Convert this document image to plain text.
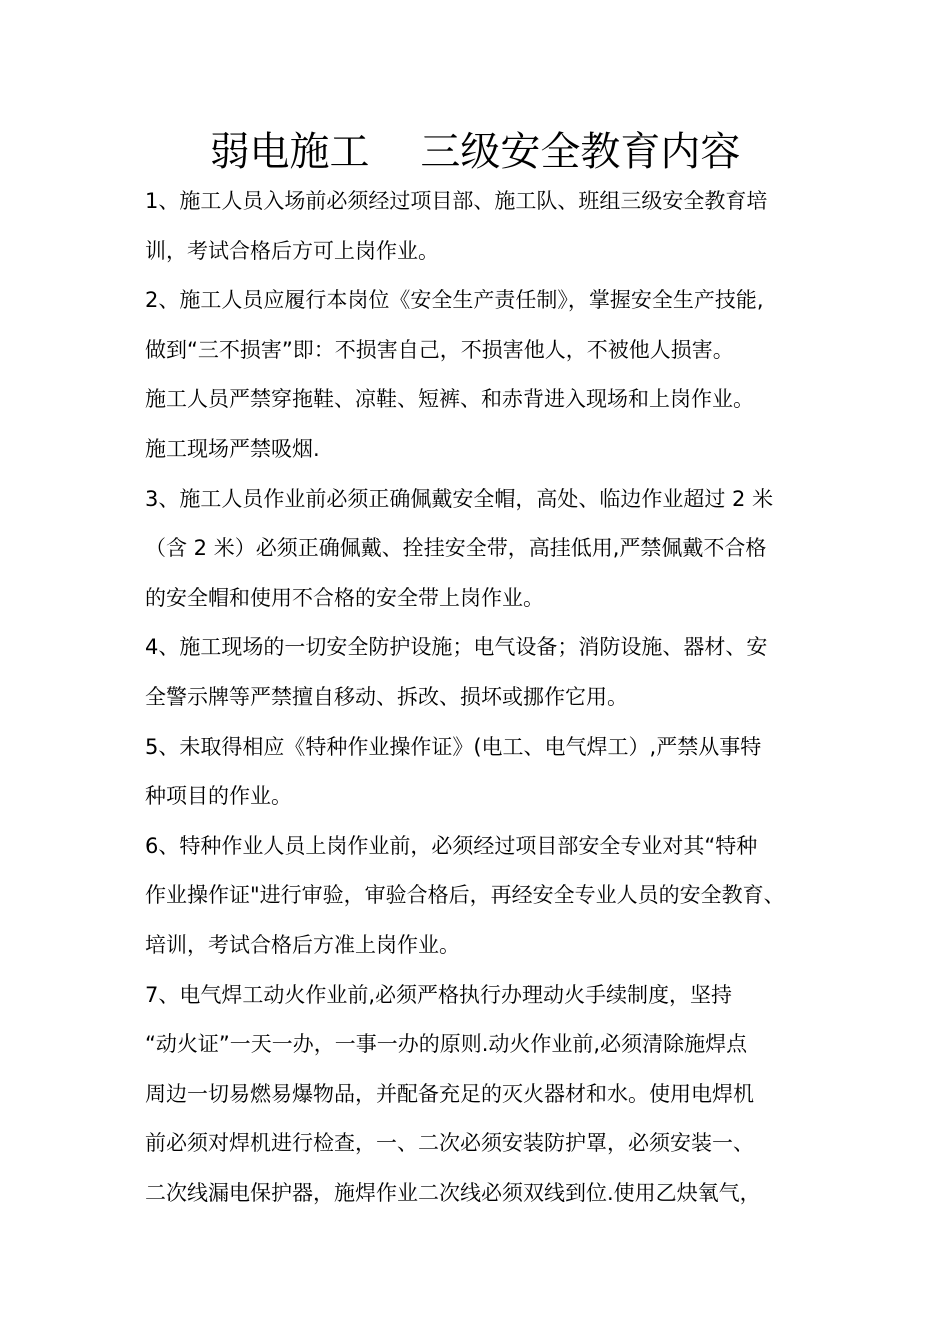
弱电施工    三级安全教育内容
1、施工人员入场前必须经过项目部、施工队、班组三级安全教育培
训，考试合格后方可上岗作业。
2、施工人员应履行本岗位《安全生产责任制》，掌握安全生产技能,
做到“三不损害”即：不损害自己，不损害他人，不被他人损害。
施工人员严禁穿拖鞋、凉鞋、短裤、和赤背进入现场和上岗作业。
施工现场严禁吸烟.
3、施工人员作业前必须正确佩戴安全帽，高处、临边作业超过 2 米
（含 2 米）必须正确佩戴、拴挂安全带，高挂低用,严禁佩戴不合格
的安全帽和使用不合格的安全带上岗作业。
4、施工现场的一切安全防护设施；电气设备；消防设施、器材、安
全警示牌等严禁擅自移动、拆改、损坏或挪作它用。
5、未取得相应《特种作业操作证》(电工、电气焊工）,严禁从事特
种项目的作业。
6、特种作业人员上岗作业前，必须经过项目部安全专业对其“特种
作业操作证"进行审验，审验合格后，再经安全专业人员的安全教育、
培训，考试合格后方准上岗作业。
7、电气焊工动火作业前,必须严格执行办理动火手续制度，坚持
“动火证”一天一办，一事一办的原则.动火作业前,必须清除施焊点
周边一切易燃易爆物品，并配备充足的灭火器材和水。使用电焊机
前必须对焊机进行检查，一、二次必须安装防护罩，必须安装一、
二次线漏电保护器，施焊作业二次线必须双线到位.使用乙炔氧气，
